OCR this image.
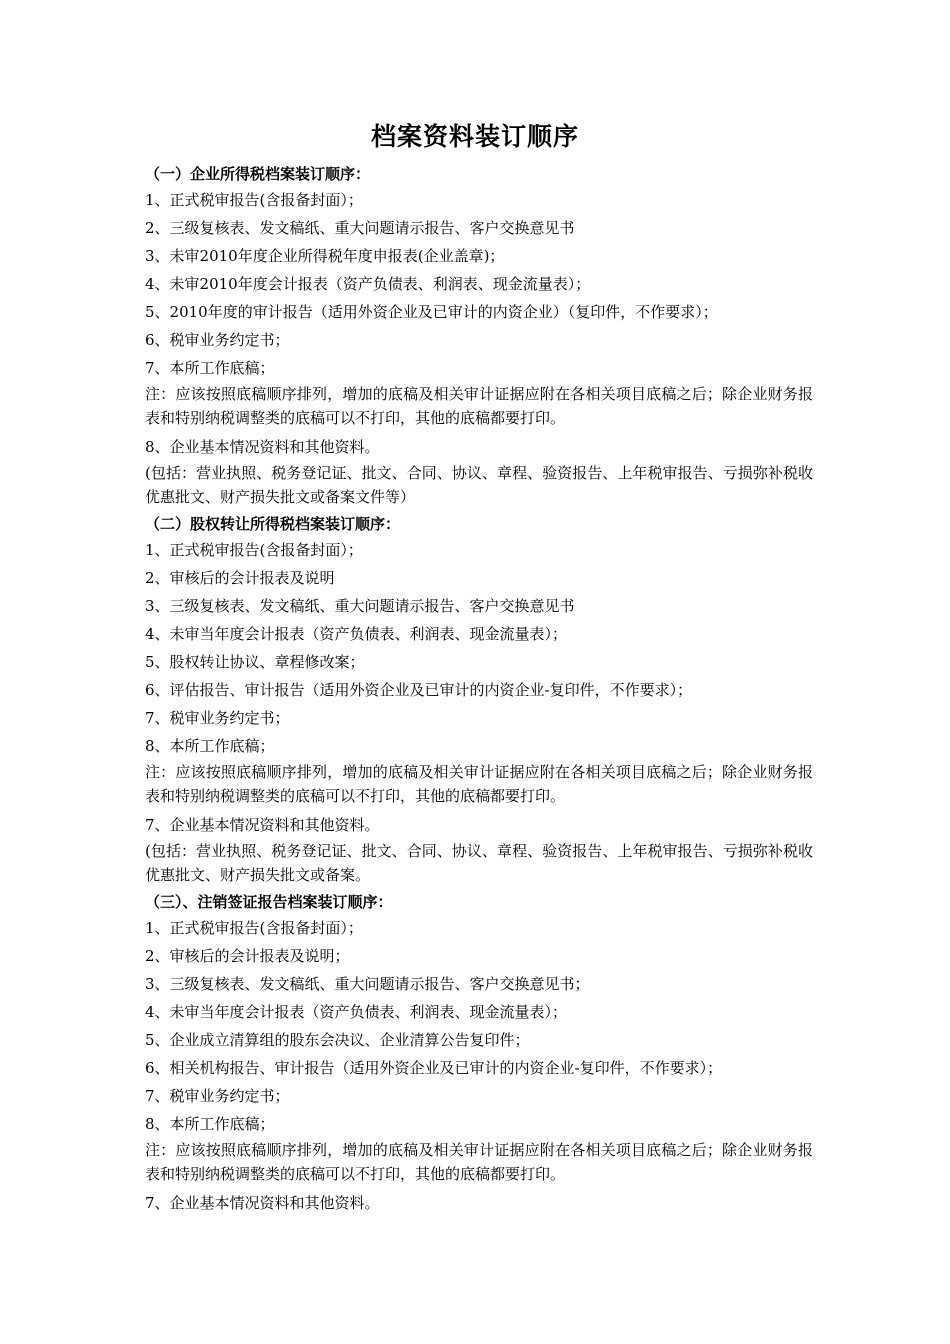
档案资料装订顺序
（一）企业所得税档案装订顺序：
1、正式税审报告(含报备封面）；
2、三级复核表、发文稿纸、重大问题请示报告、客户交换意见书
3、未审2010年度企业所得税年度申报表(企业盖章)；
4、未审2010年度会计报表（资产负债表、利润表、现金流量表）；
5、2010年度的审计报告（适用外资企业及已审计的内资企业）（复印件，不作要求）；
6、税审业务约定书；
7、本所工作底稿；
注：应该按照底稿顺序排列，增加的底稿及相关审计证据应附在各相关项目底稿之后；除企业财务报表和特别纳税调整类的底稿可以不打印，其他的底稿都要打印。
8、企业基本情况资料和其他资料。
(包括：营业执照、税务登记证、批文、合同、协议、章程、验资报告、上年税审报告、亏损弥补税收优惠批文、财产损失批文或备案文件等）
（二）股权转让所得税档案装订顺序：
1、正式税审报告(含报备封面）；
2、审核后的会计报表及说明
3、三级复核表、发文稿纸、重大问题请示报告、客户交换意见书
4、未审当年度会计报表（资产负债表、利润表、现金流量表）；
5、股权转让协议、章程修改案；
6、评估报告、审计报告（适用外资企业及已审计的内资企业-复印件，不作要求）；
7、税审业务约定书；
8、本所工作底稿；
注：应该按照底稿顺序排列，增加的底稿及相关审计证据应附在各相关项目底稿之后；除企业财务报表和特别纳税调整类的底稿可以不打印，其他的底稿都要打印。
7、企业基本情况资料和其他资料。
(包括：营业执照、税务登记证、批文、合同、协议、章程、验资报告、上年税审报告、亏损弥补税收优惠批文、财产损失批文或备案。
（三）、注销签证报告档案装订顺序：
1、正式税审报告(含报备封面）；
2、审核后的会计报表及说明；
3、三级复核表、发文稿纸、重大问题请示报告、客户交换意见书；
4、未审当年度会计报表（资产负债表、利润表、现金流量表）；
5、企业成立清算组的股东会决议、企业清算公告复印件；
6、相关机构报告、审计报告（适用外资企业及已审计的内资企业-复印件，不作要求）；
7、税审业务约定书；
8、本所工作底稿；
注：应该按照底稿顺序排列，增加的底稿及相关审计证据应附在各相关项目底稿之后；除企业财务报表和特别纳税调整类的底稿可以不打印，其他的底稿都要打印。
7、企业基本情况资料和其他资料。
